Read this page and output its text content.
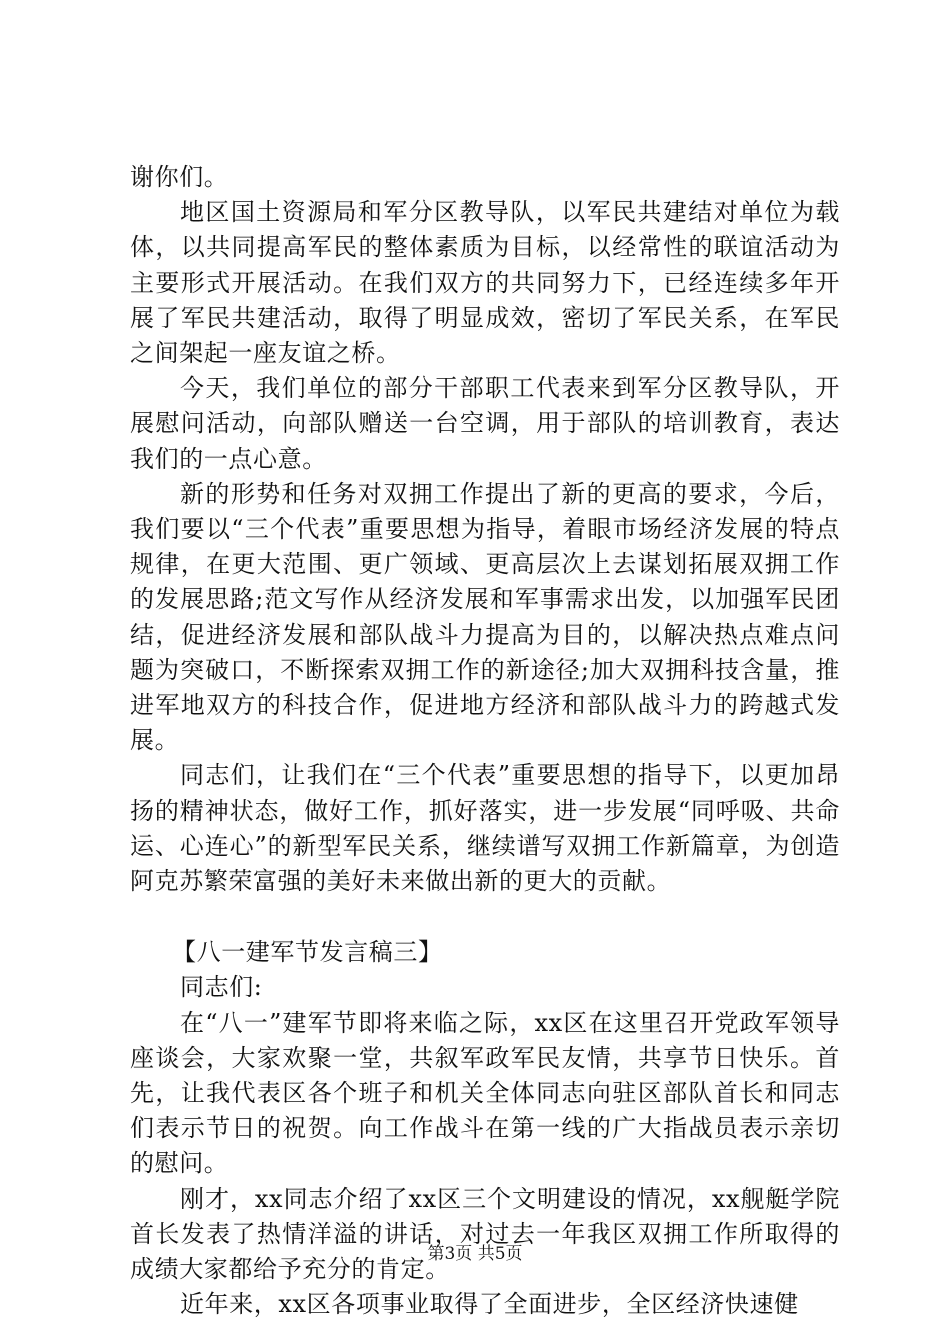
谢你们。

地区国土资源局和军分区教导队，以军民共建结对单位为载体，以共同提高军民的整体素质为目标，以经常性的联谊活动为主要形式开展活动。在我们双方的共同努力下，已经连续多年开展了军民共建活动，取得了明显成效，密切了军民关系，在军民之间架起一座友谊之桥。

今天，我们单位的部分干部职工代表来到军分区教导队，开展慰问活动，向部队赠送一台空调，用于部队的培训教育，表达我们的一点心意。

新的形势和任务对双拥工作提出了新的更高的要求，今后，我们要以“三个代表”重要思想为指导，着眼市场经济发展的特点规律，在更大范围、更广领域、更高层次上去谋划拓展双拥工作的发展思路;范文写作从经济发展和军事需求出发，以加强军民团结，促进经济发展和部队战斗力提高为目的，以解决热点难点问题为突破口，不断探索双拥工作的新途径;加大双拥科技含量，推进军地双方的科技合作，促进地方经济和部队战斗力的跨越式发展。

同志们，让我们在“三个代表”重要思想的指导下，以更加昂扬的精神状态，做好工作，抓好落实，进一步发展“同呼吸、共命运、心连心”的新型军民关系，继续谱写双拥工作新篇章，为创造阿克苏繁荣富强的美好未来做出新的更大的贡献。

【八一建军节发言稿三】

同志们:

在“八一”建军节即将来临之际，xx区在这里召开党政军领导座谈会，大家欢聚一堂，共叙军政军民友情，共享节日快乐。首先，让我代表区各个班子和机关全体同志向驻区部队首长和同志们表示节日的祝贺。向工作战斗在第一线的广大指战员表示亲切的慰问。

刚才，xx同志介绍了xx区三个文明建设的情况，xx舰艇学院首长发表了热情洋溢的讲话，对过去一年我区双拥工作所取得的成绩大家都给予充分的肯定。

近年来，xx区各项事业取得了全面进步，全区经济快速健

第3页 共5页
